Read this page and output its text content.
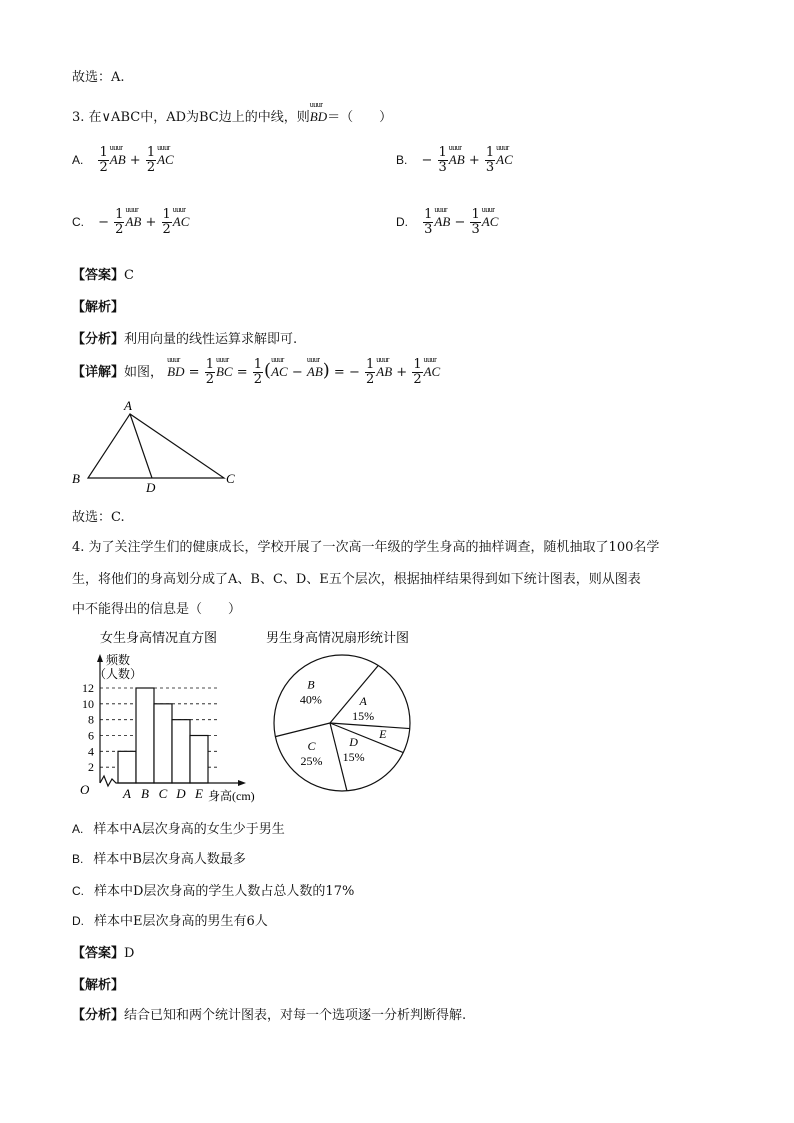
故选：A.
3. 在∨ABC中，AD为BC边上的中线，则uuur BD＝（　　）
A. $\frac{1}{2}$ uuur AB + $\frac{1}{2}$ uuur AC	B. − $\frac{1}{3}$ uuur AB + $\frac{1}{3}$ uuur AC
C. − $\frac{1}{2}$ uuur AB + $\frac{1}{2}$ uuur AC	D. $\frac{1}{3}$ uuur AB − $\frac{1}{3}$ uuur AC
【答案】C
【解析】
【分析】利用向量的线性运算求解即可.
【详解】如图， uuur BD = $\frac{1}{2}$ uuur BC = $\frac{1}{2}$ (uuur AC − uuur AB) = − $\frac{1}{2}$ uuur AB + $\frac{1}{2}$ uuur AC
A
B	C
D
故选：C.
4. 为了关注学生们的健康成长，学校开展了一次高一年级的学生身高的抽样调查，随机抽取了100名学
生，将他们的身高划分成了A、B、C、D、E五个层次，根据抽样结果得到如下统计图表，则从图表
中不能得出的信息是（　　）
女生身高情况直方图
频数
（人数）
2
4
6
8
10
12
A B C D E
O	身高(cm)
男生身高情况扇形统计图
A
15%
E
D
15%
C
25%
B
40%
A. 样本中A层次身高的女生少于男生
B. 样本中B层次身高人数最多
C. 样本中D层次身高的学生人数占总人数的17%
D. 样本中E层次身高的男生有6人
【答案】D
【解析】
【分析】结合已知和两个统计图表，对每一个选项逐一分析判断得解.
